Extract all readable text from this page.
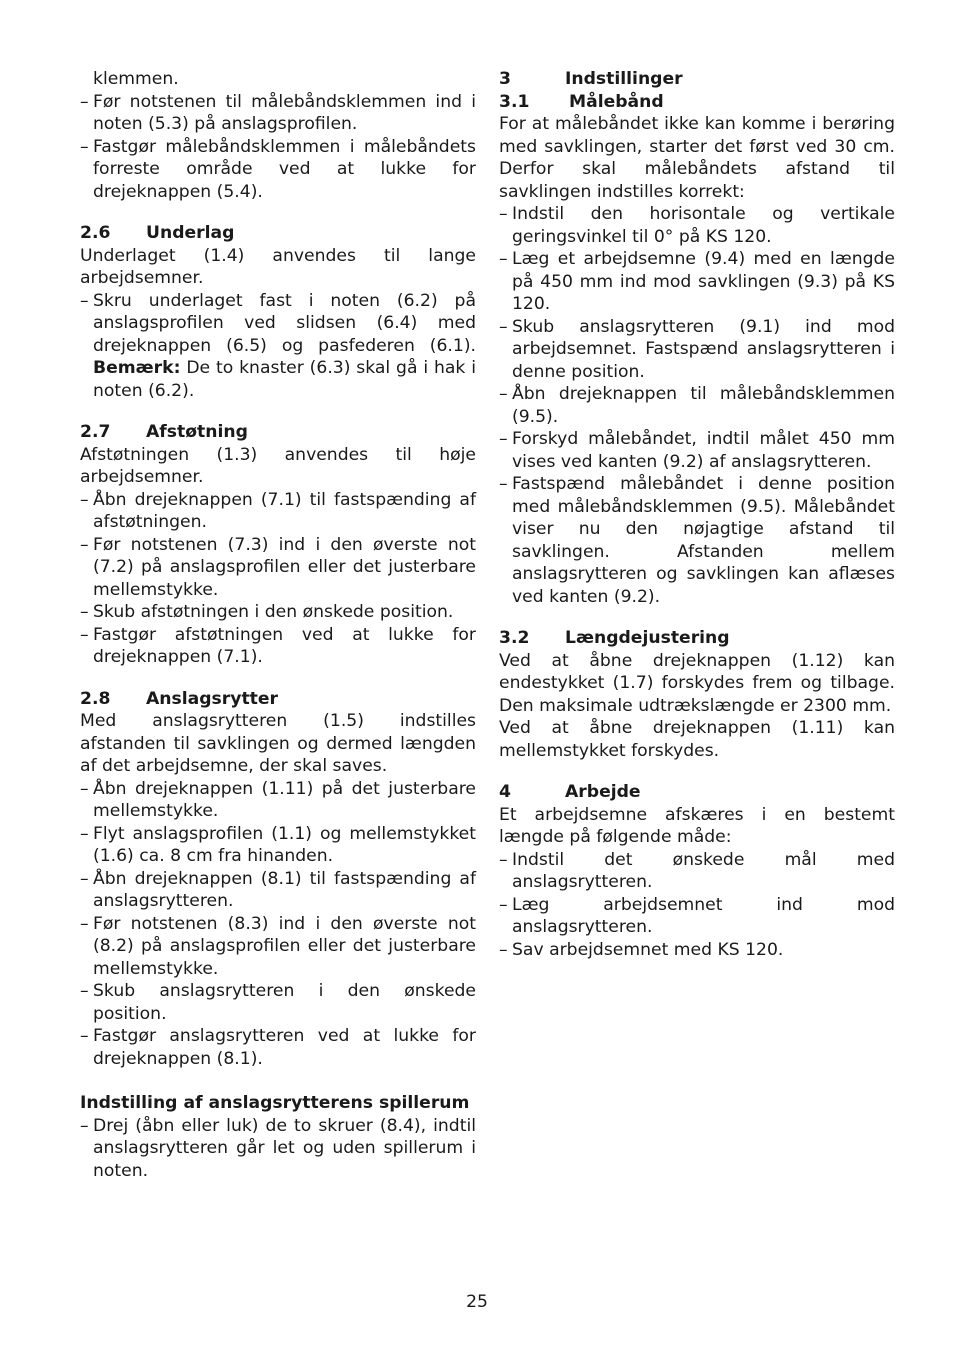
klemmen.

– Før notstenen til målebåndsklemmen ind i noten (5.3) på anslagsprofilen.
– Fastgør målebåndsklemmen i målebåndets forreste område ved at lukke for drejeknappen (5.4).
2.6 Underlag

Underlaget (1.4) anvendes til lange arbejdsemner.

– Skru underlaget fast i noten (6.2) på anslagsprofilen ved slidsen (6.4) med drejeknappen (6.5) og pasfederen (6.1). Bemærk: De to knaster (6.3) skal gå i hak i noten (6.2).
2.7 Afstøtning

Afstøtningen (1.3) anvendes til høje arbejdsemner.

– Åbn drejeknappen (7.1) til fastspænding af afstøtningen.
– Før notstenen (7.3) ind i den øverste not (7.2) på anslagsprofilen eller det justerbare mellemstykke.
– Skub afstøtningen i den ønskede position.
– Fastgør afstøtningen ved at lukke for drejeknappen (7.1).
2.8 Anslagsrytter

Med anslagsrytteren (1.5) indstilles afstanden til savklingen og dermed længden af det arbejdsemne, der skal saves.

– Åbn drejeknappen (1.11) på det justerbare mellemstykke.
– Flyt anslagsprofilen (1.1) og mellemstykket (1.6) ca. 8 cm fra hinanden.
– Åbn drejeknappen (8.1) til fastspænding af anslagsrytteren.
– Før notstenen (8.3) ind i den øverste not (8.2) på anslagsprofilen eller det justerbare mellemstykke.
– Skub anslagsrytteren i den ønskede position.
– Fastgør anslagsrytteren ved at lukke for drejeknappen (8.1).
Indstilling af anslagsrytterens spillerum
– Drej (åbn eller luk) de to skruer (8.4), indtil anslagsrytteren går let og uden spillerum i noten.
3	Indstillinger
3.1 Målebånd

For at målebåndet ikke kan komme i berøring med savklingen, starter det først ved 30 cm. Derfor skal målebåndets afstand til savklingen indstilles korrekt:

– Indstil den horisontale og vertikale geringsvinkel til 0° på KS 120.
– Læg et arbejdsemne (9.4) med en længde på 450 mm ind mod savklingen (9.3) på KS 120.
– Skub anslagsrytteren (9.1) ind mod arbejdsemnet. Fastspænd anslagsrytteren i denne position.
– Åbn drejeknappen til målebåndsklemmen (9.5).
– Forskyd målebåndet, indtil målet 450 mm vises ved kanten (9.2) af anslagsrytteren.
– Fastspænd målebåndet i denne position med målebåndsklemmen (9.5). Målebåndet viser nu den nøjagtige afstand til savklingen. Afstanden mellem anslagsrytteren og savklingen kan aflæses ved kanten (9.2).
3.2 Længdejustering

Ved at åbne drejeknappen (1.12) kan endestykket (1.7) forskydes frem og tilbage. Den maksimale udtrækslængde er 2300 mm.

Ved at åbne drejeknappen (1.11) kan mellemstykket forskydes.

4	Arbejde

Et arbejdsemne afskæres i en bestemt længde på følgende måde:

– Indstil det ønskede mål med anslagsrytteren.
– Læg arbejdsemnet ind mod anslagsrytteren.
– Sav arbejdsemnet med KS 120.
25
